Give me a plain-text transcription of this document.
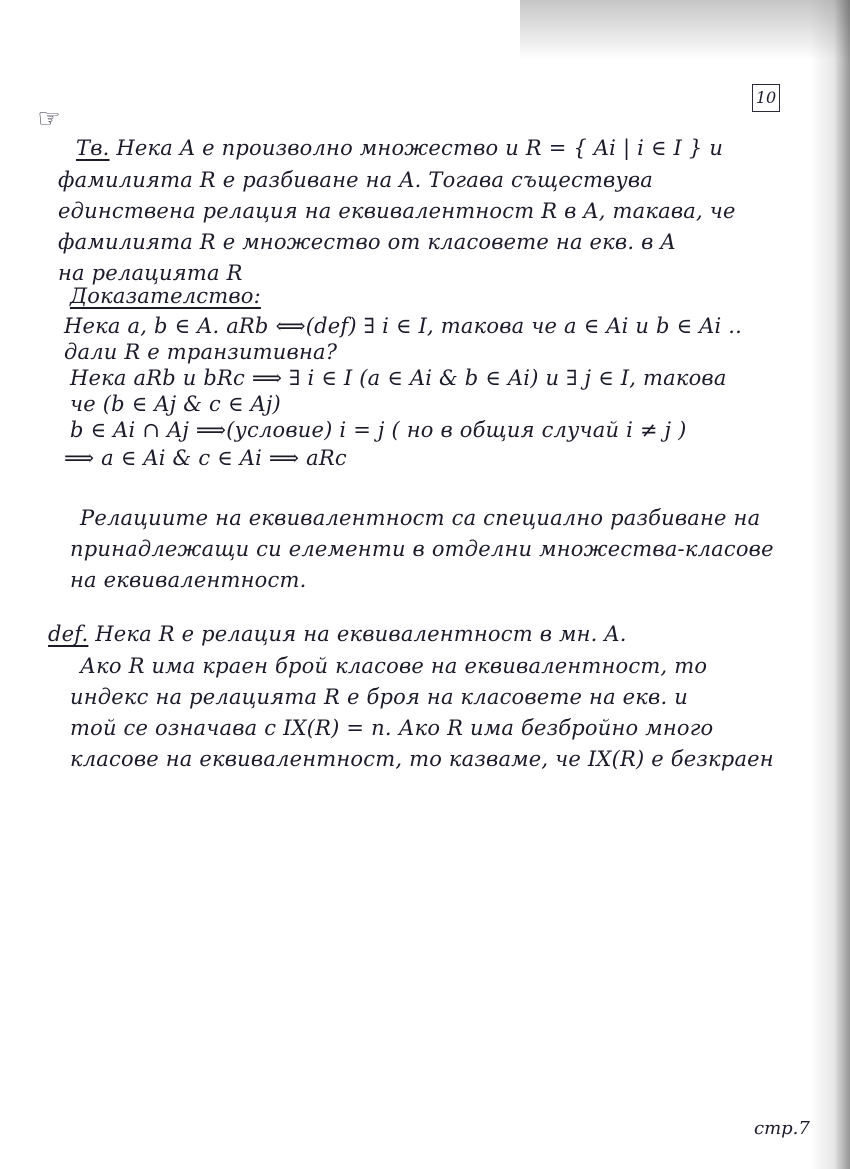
10
☞
Тв. Нека A е произволно множество и R = { Ai | i ∈ I } и
фамилията R е разбиване на A. Тогава съществува
единствена релация на еквивалентност R в A, такава, че
фамилията R е множество от класовете на екв. в A
на релацията R
Доказателство:
Нека a, b ∈ A. aRb ⟺(def) ∃ i ∈ I, такова че a ∈ Ai и b ∈ Ai ..
дали R е транзитивна?
Нека aRb и bRc ⟹ ∃ i ∈ I (a ∈ Ai & b ∈ Ai) и ∃ j ∈ I, такова
че (b ∈ Aj & c ∈ Aj)
b ∈ Ai ∩ Aj ⟹(условие) i = j ( но в общия случай i ≠ j )
⟹ a ∈ Ai & c ∈ Ai ⟹ aRc
Релациите на еквивалентност са специално разбиване на
принадлежащи си елементи в отделни множества-класове
на еквивалентност.
def. Нека R е релация на еквивалентност в мн. A.
Ако R има краен брой класове на еквивалентност, то
индекс на релацията R е броя на класовете на екв. и
той се означава с IX(R) = n. Ако R има безбройно много
класове на еквивалентност, то казваме, че IX(R) е безкраен
стр.7
